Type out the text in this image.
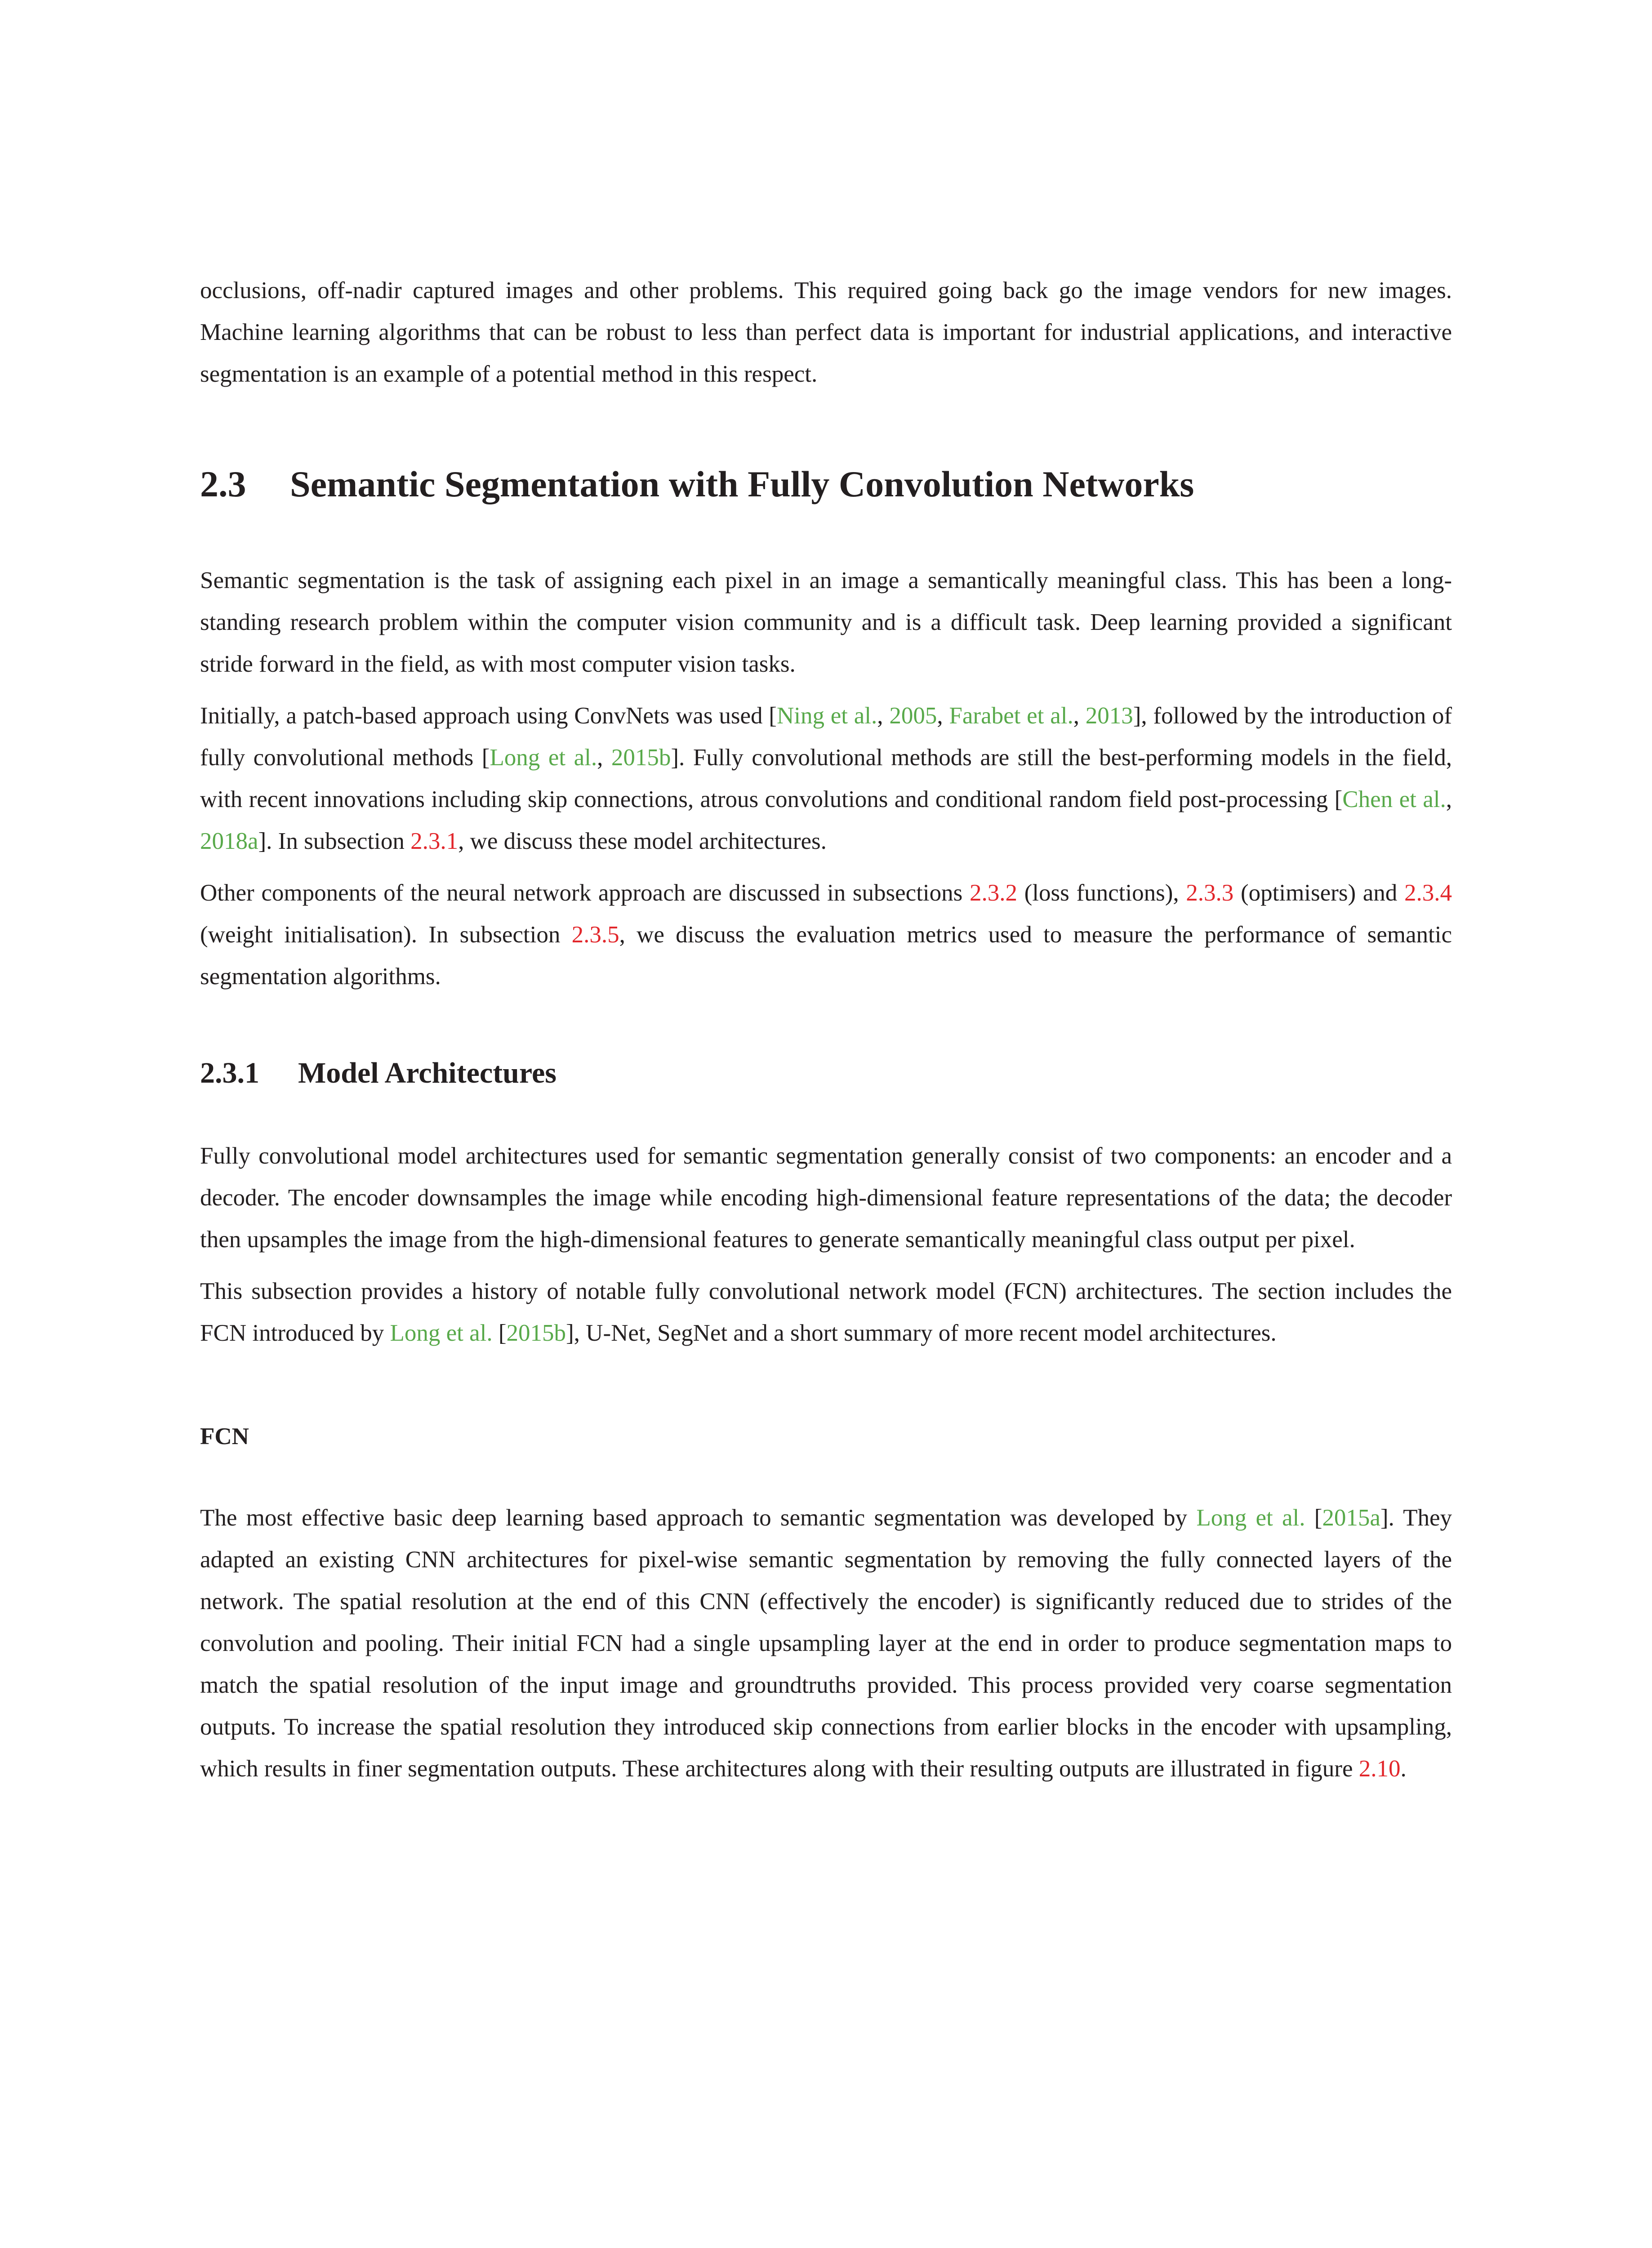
occlusions, off-nadir captured images and other problems. This required going back go the image vendors for new images. Machine learning algorithms that can be robust to less than perfect data is important for industrial applications, and interactive segmentation is an example of a potential method in this respect.

2.3 Semantic Segmentation with Fully Convolution Networks

Semantic segmentation is the task of assigning each pixel in an image a semantically meaningful class. This has been a long-standing research problem within the computer vision community and is a difficult task. Deep learning provided a significant stride forward in the field, as with most computer vision tasks.

Initially, a patch-based approach using ConvNets was used [Ning et al., 2005, Farabet et al., 2013], followed by the introduction of fully convolutional methods [Long et al., 2015b]. Fully convolutional methods are still the best-performing models in the field, with recent innovations including skip connections, atrous convolutions and conditional random field post-processing [Chen et al., 2018a]. In subsection 2.3.1, we discuss these model architectures.

Other components of the neural network approach are discussed in subsections 2.3.2 (loss functions), 2.3.3 (optimisers) and 2.3.4 (weight initialisation). In subsection 2.3.5, we discuss the evaluation metrics used to measure the performance of semantic segmentation algorithms.

2.3.1 Model Architectures

Fully convolutional model architectures used for semantic segmentation generally consist of two components: an encoder and a decoder. The encoder downsamples the image while encoding high-dimensional feature representations of the data; the decoder then upsamples the image from the high-dimensional features to generate semantically meaningful class output per pixel.

This subsection provides a history of notable fully convolutional network model (FCN) architectures. The section includes the FCN introduced by Long et al. [2015b], U-Net, SegNet and a short summary of more recent model architectures.

FCN

The most effective basic deep learning based approach to semantic segmentation was developed by Long et al. [2015a]. They adapted an existing CNN architectures for pixel-wise semantic segmentation by removing the fully connected layers of the network. The spatial resolution at the end of this CNN (effectively the encoder) is significantly reduced due to strides of the convolution and pooling. Their initial FCN had a single upsampling layer at the end in order to produce segmentation maps to match the spatial resolution of the input image and groundtruths provided. This process provided very coarse segmentation outputs. To increase the spatial resolution they introduced skip connections from earlier blocks in the encoder with upsampling, which results in finer segmentation outputs. These architectures along with their resulting outputs are illustrated in figure 2.10.
